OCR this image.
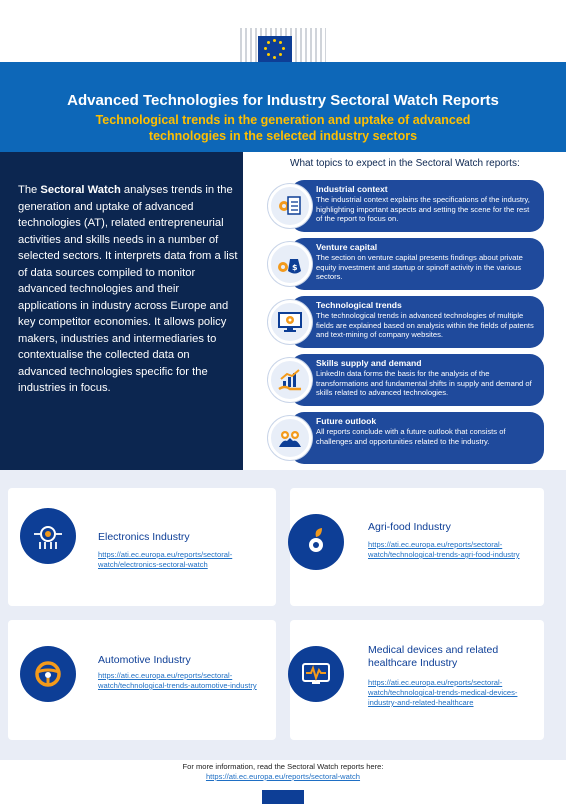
Advanced Technologies for Industry Sectoral Watch Reports
Technological trends in the generation and uptake of advanced technologies in the selected industry sectors

The Sectoral Watch analyses trends in the generation and uptake of advanced technologies (AT), related entrepreneurial activities and skills needs in a number of selected sectors. It interprets data from a list of data sources compiled to monitor advanced technologies and their applications in industry across Europe and key competitor economies. It allows policy makers, industries and intermediaries to contextualise the collected data on advanced technologies specific for the industries in focus.

What topics to expect in the Sectoral Watch reports:
Industrial context
The industrial context explains the specifications of the industry, highlighting important aspects and setting the scene for the rest of the report to focus on.
$
Venture capital
The section on venture capital presents findings about private equity investment and startup or spinoff activity in the various sectors.
Technological trends
The technological trends in advanced technologies of multiple fields are explained based on analysis within the fields of patents and text-mining of company websites.
Skills supply and demand
LinkedIn data forms the basis for the analysis of the transformations and fundamental shifts in supply and demand of skills related to advanced technologies.
Future outlook
All reports conclude with a future outlook that consists of challenges and opportunities related to the industry.
Electronics Industry
https://ati.ec.europa.eu/reports/sectoral-watch/electronics-sectoral-watch
Agri-food Industry
https://ati.ec.europa.eu/reports/sectoral-watch/technological-trends-agri-food-industry
Automotive Industry
https://ati.ec.europa.eu/reports/sectoral-watch/technological-trends-automotive-industry
Medical devices and related healthcare Industry
https://ati.ec.europa.eu/reports/sectoral-watch/technological-trends-medical-devices-industry-and-related-healthcare
For more information, read the Sectoral Watch reports here:
https://ati.ec.europa.eu/reports/sectoral-watch
